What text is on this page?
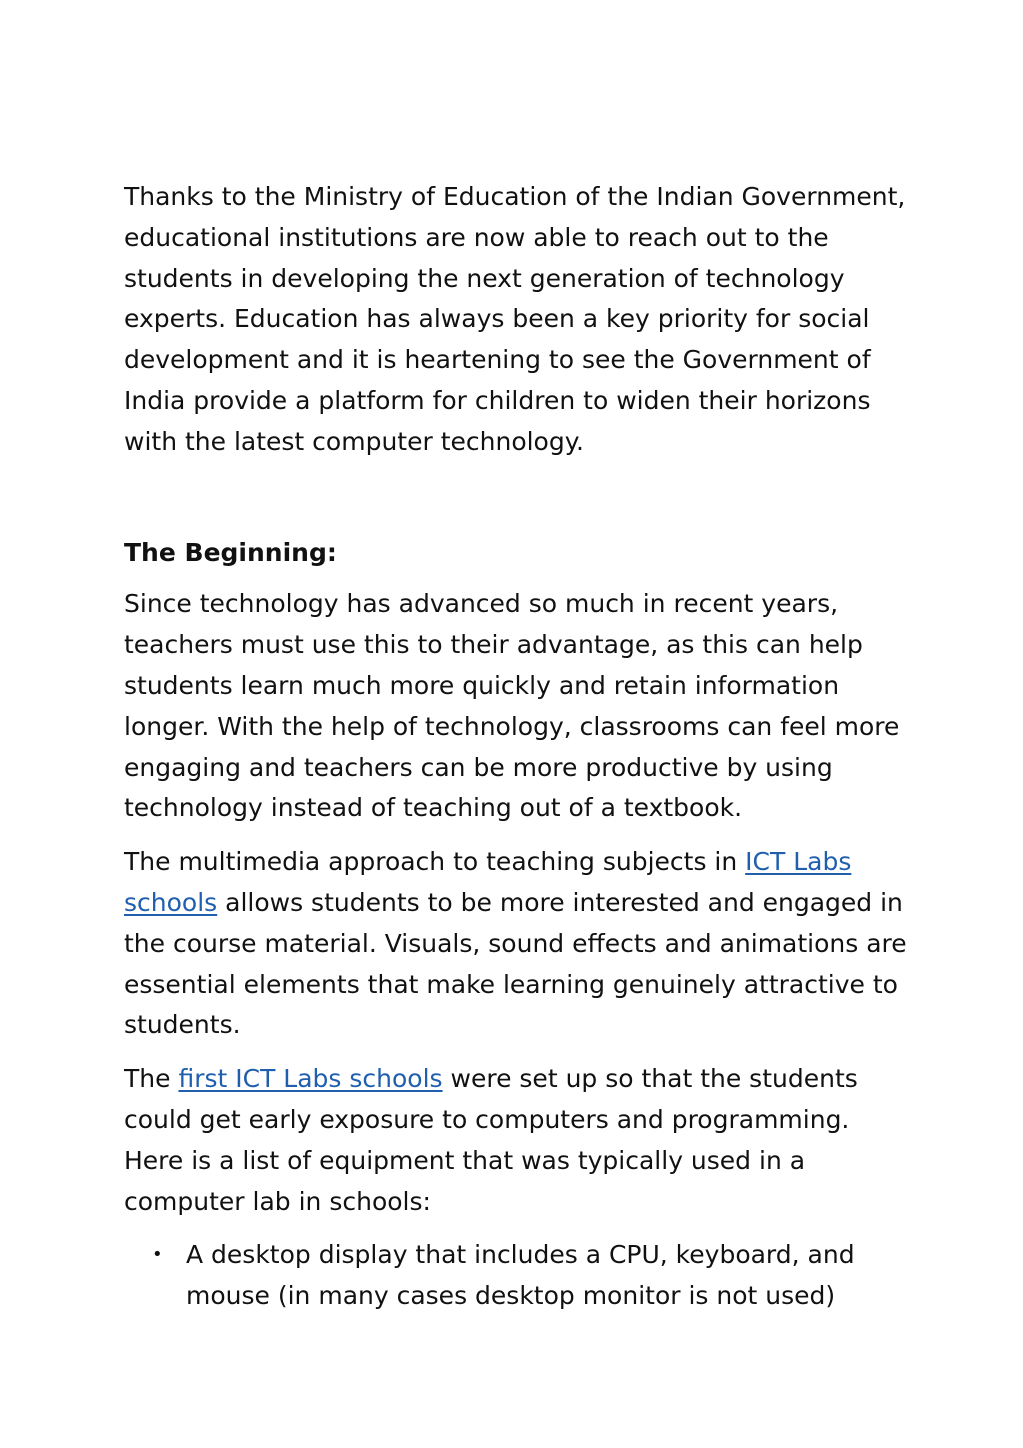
Thanks to the Ministry of Education of the Indian Government, educational institutions are now able to reach out to the students in developing the next generation of technology experts. Education has always been a key priority for social development and it is heartening to see the Government of India provide a platform for children to widen their horizons with the latest computer technology.

The Beginning:

Since technology has advanced so much in recent years, teachers must use this to their advantage, as this can help students learn much more quickly and retain information longer. With the help of technology, classrooms can feel more engaging and teachers can be more productive by using technology instead of teaching out of a textbook.

The multimedia approach to teaching subjects in ICT Labs schools allows students to be more interested and engaged in the course material. Visuals, sound effects and animations are essential elements that make learning genuinely attractive to students.

The first ICT Labs schools were set up so that the students could get early exposure to computers and programming. Here is a list of equipment that was typically used in a computer lab in schools:

• A desktop display that includes a CPU, keyboard, and mouse (in many cases desktop monitor is not used)
